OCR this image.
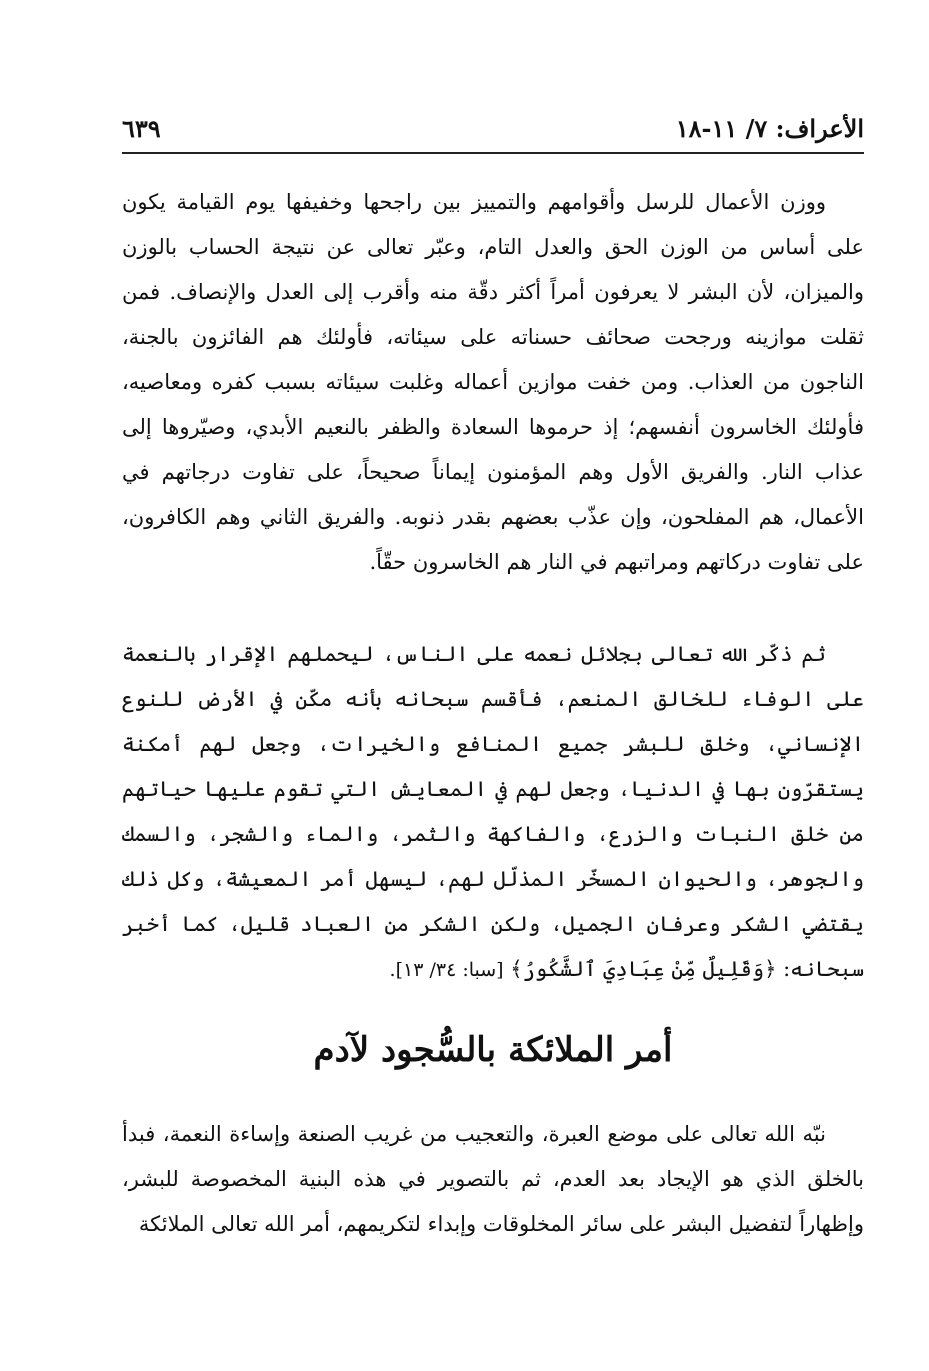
الأعراف: ٧/ ١١-١٨
٦٣٩

ووزن الأعمال للرسل وأقوامهم والتمييز بين راجحها وخفيفها يوم القيامة يكون على أساس من الوزن الحق والعدل التام، وعبّر تعالى عن نتيجة الحساب بالوزن والميزان، لأن البشر لا يعرفون أمراً أكثر دقّة منه وأقرب إلى العدل والإنصاف. فمن ثقلت موازينه ورجحت صحائف حسناته على سيئاته، فأولئك هم الفائزون بالجنة، الناجون من العذاب. ومن خفت موازين أعماله وغلبت سيئاته بسبب كفره ومعاصيه، فأولئك الخاسرون أنفسهم؛ إذ حرموها السعادة والظفر بالنعيم الأبدي، وصيّروها إلى عذاب النار. والفريق الأول وهم المؤمنون إيماناً صحيحاً، على تفاوت درجاتهم في الأعمال، هم المفلحون، وإن عذّب بعضهم بقدر ذنوبه. والفريق الثاني وهم الكافرون، على تفاوت دركاتهم ومراتبهم في النار هم الخاسرون حقّاً.

ثم ذكّر الله تعالى بجلائل نعمه على الناس، ليحملهم الإقرار بالنعمة على الوفاء للخالق المنعم، فأقسم سبحانه بأنه مكّن في الأرض للنوع الإنساني، وخلق للبشر جميع المنافع والخيرات، وجعل لهم أمكنة يستقرّون بها في الدنيا، وجعل لهم في المعايش التي تقوم عليها حياتهم من خلق النبات والزرع، والفاكهة والثمر، والماء والشجر، والسمك والجوهر، والحيوان المسخّر المذلّل لهم، ليسهل أمر المعيشة، وكل ذلك يقتضي الشكر وعرفان الجميل، ولكن الشكر من العباد قليل، كما أخبر سبحانه: ﴿وَقَلِيلٌ مِّنْ عِبَادِيَ ٱلشَّكُورُ﴾ [سبا: ٣٤/ ١٣].

أمر الملائكة بالسُّجود لآدم

نبّه الله تعالى على موضع العبرة، والتعجيب من غريب الصنعة وإساءة النعمة، فبدأ بالخلق الذي هو الإيجاد بعد العدم، ثم بالتصوير في هذه البنية المخصوصة للبشر، وإظهاراً لتفضيل البشر على سائر المخلوقات وإبداء لتكريمهم، أمر الله تعالى الملائكة
